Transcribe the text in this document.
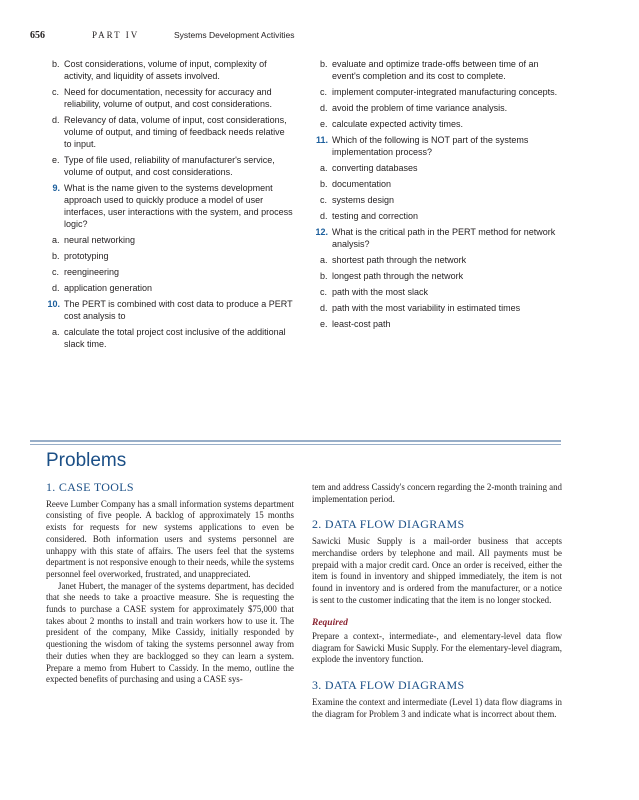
656	PART IV	Systems Development Activities
b. Cost considerations, volume of input, complexity of activity, and liquidity of assets involved.
c. Need for documentation, necessity for accuracy and reliability, volume of output, and cost considerations.
d. Relevancy of data, volume of input, cost considerations, volume of output, and timing of feedback needs relative to input.
e. Type of file used, reliability of manufacturer's service, volume of output, and cost considerations.
9. What is the name given to the systems development approach used to quickly produce a model of user interfaces, user interactions with the system, and process logic?
a. neural networking
b. prototyping
c. reengineering
d. application generation
10. The PERT is combined with cost data to produce a PERT cost analysis to
a. calculate the total project cost inclusive of the additional slack time.
b. evaluate and optimize trade-offs between time of an event's completion and its cost to complete.
c. implement computer-integrated manufacturing concepts.
d. avoid the problem of time variance analysis.
e. calculate expected activity times.
11. Which of the following is NOT part of the systems implementation process?
a. converting databases
b. documentation
c. systems design
d. testing and correction
12. What is the critical path in the PERT method for network analysis?
a. shortest path through the network
b. longest path through the network
c. path with the most slack
d. path with the most variability in estimated times
e. least-cost path
Problems
1. CASE TOOLS

Reeve Lumber Company has a small information systems department consisting of five people. A backlog of approximately 15 months exists for requests for new systems applications to even be considered. Both information users and systems personnel are unhappy with this state of affairs. The users feel that the systems department is not responsive enough to their needs, while the systems personnel feel overworked, frustrated, and unappreciated.

Janet Hubert, the manager of the systems department, has decided that she needs to take a proactive measure. She is requesting the funds to purchase a CASE system for approximately $75,000 that takes about 2 months to install and train workers how to use it. The president of the company, Mike Cassidy, initially responded by questioning the wisdom of taking the systems personnel away from their duties when they are backlogged so they can learn a system. Prepare a memo from Hubert to Cassidy. In the memo, outline the expected benefits of purchasing and using a CASE sys-

tem and address Cassidy's concern regarding the 2-month training and implementation period.

2. DATA FLOW DIAGRAMS

Sawicki Music Supply is a mail-order business that accepts merchandise orders by telephone and mail. All payments must be prepaid with a major credit card. Once an order is received, either the item is found in inventory and shipped immediately, the item is not found in inventory and is ordered from the manufacturer, or a notice is sent to the customer indicating that the item is no longer stocked.

Required

Prepare a context-, intermediate-, and elementary-level data flow diagram for Sawicki Music Supply. For the elementary-level diagram, explode the inventory function.

3. DATA FLOW DIAGRAMS

Examine the context and intermediate (Level 1) data flow diagrams in the diagram for Problem 3 and indicate what is incorrect about them.
